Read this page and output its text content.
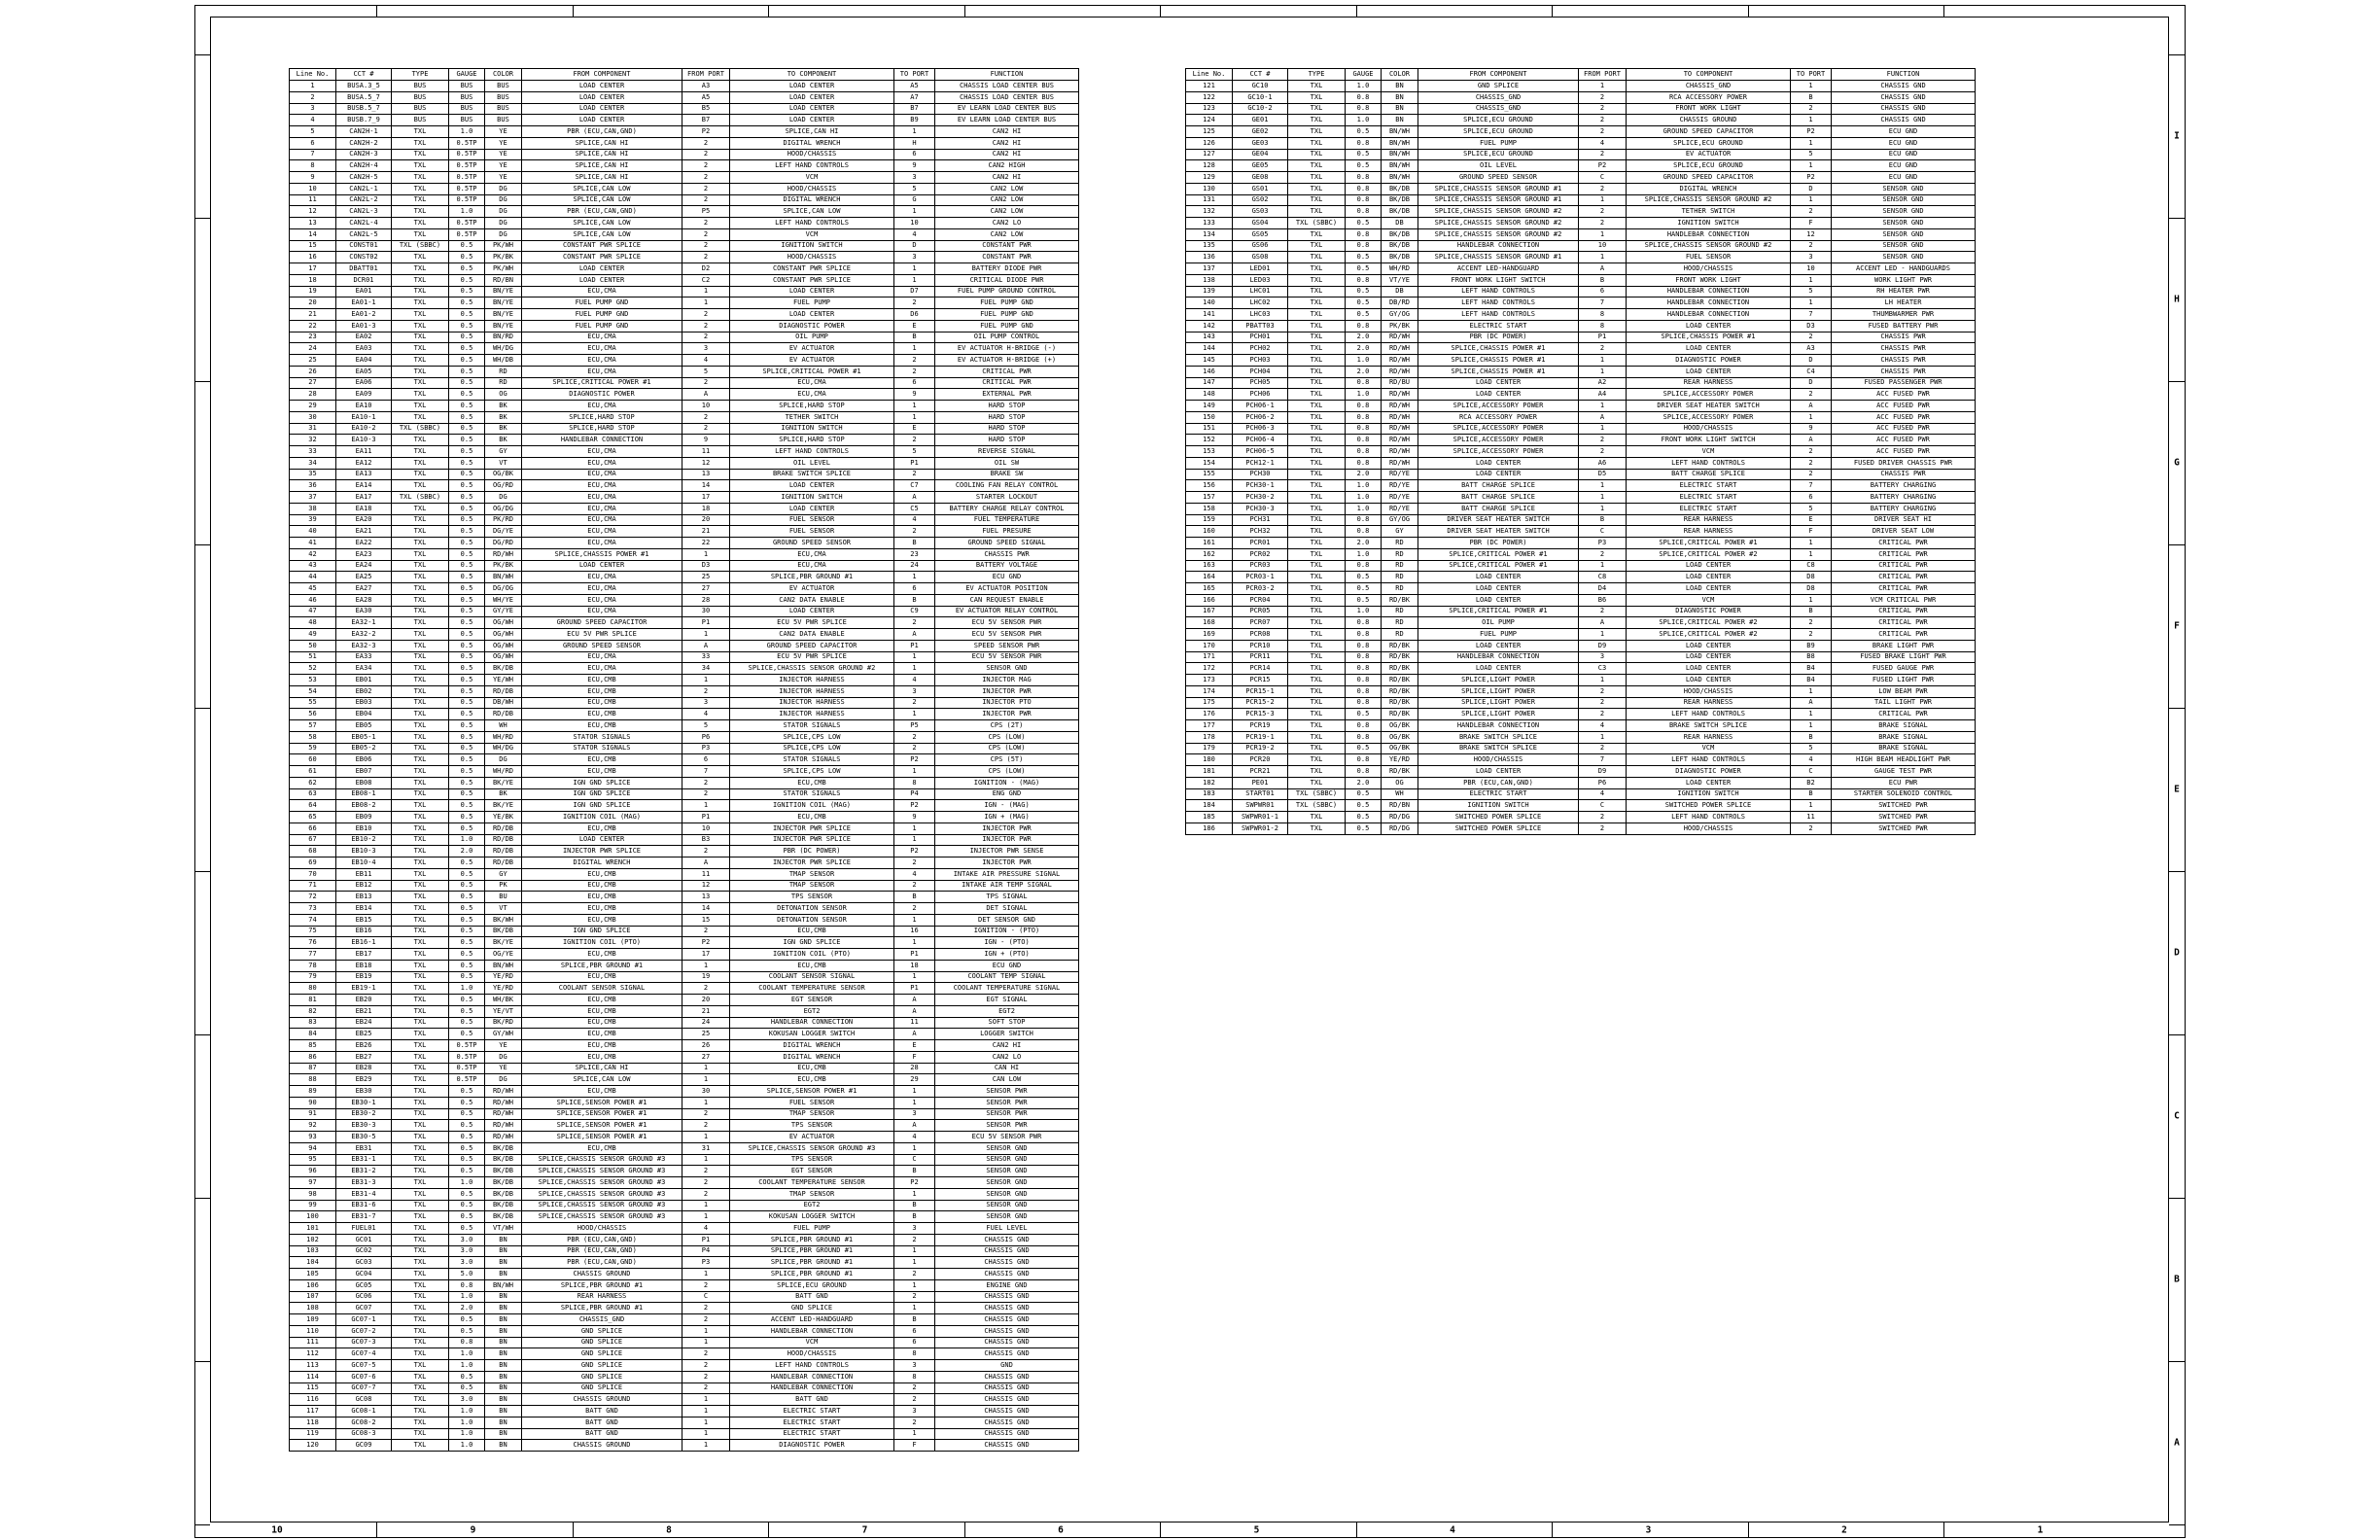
10	9	8	7	6	5	4	3	2	1
I
H
G
F
E
D
C
B
A
Line No.	CCT #	TYPE	GAUGE	COLOR	FROM COMPONENT	FROM PORT	TO COMPONENT	TO PORT	FUNCTION
1	BUSA.3_5	BUS	BUS	BUS	LOAD CENTER	A3	LOAD CENTER	A5	CHASSIS LOAD CENTER BUS
2	BUSA.5_7	BUS	BUS	BUS	LOAD CENTER	A5	LOAD CENTER	A7	CHASSIS LOAD CENTER BUS
3	BUSB.5_7	BUS	BUS	BUS	LOAD CENTER	B5	LOAD CENTER	B7	EV LEARN LOAD CENTER BUS
4	BUSB.7_9	BUS	BUS	BUS	LOAD CENTER	B7	LOAD CENTER	B9	EV LEARN LOAD CENTER BUS
5	CAN2H-1	TXL	1.0	YE	PBR (ECU,CAN,GND)	P2	SPLICE,CAN HI	1	CAN2 HI
6	CAN2H-2	TXL	0.5TP	YE	SPLICE,CAN HI	2	DIGITAL WRENCH	H	CAN2 HI
7	CAN2H-3	TXL	0.5TP	YE	SPLICE,CAN HI	2	HOOD/CHASSIS	6	CAN2 HI
8	CAN2H-4	TXL	0.5TP	YE	SPLICE,CAN HI	2	LEFT HAND CONTROLS	9	CAN2 HIGH
9	CAN2H-5	TXL	0.5TP	YE	SPLICE,CAN HI	2	VCM	3	CAN2 HI
10	CAN2L-1	TXL	0.5TP	DG	SPLICE,CAN LOW	2	HOOD/CHASSIS	5	CAN2 LOW
11	CAN2L-2	TXL	0.5TP	DG	SPLICE,CAN LOW	2	DIGITAL WRENCH	G	CAN2 LOW
12	CAN2L-3	TXL	1.0	DG	PBR (ECU,CAN,GND)	P5	SPLICE,CAN LOW	1	CAN2 LOW
13	CAN2L-4	TXL	0.5TP	DG	SPLICE,CAN LOW	2	LEFT HAND CONTROLS	10	CAN2 LO
14	CAN2L-5	TXL	0.5TP	DG	SPLICE,CAN LOW	2	VCM	4	CAN2 LOW
15	CONST01	TXL (SBBC)	0.5	PK/WH	CONSTANT PWR SPLICE	2	IGNITION SWITCH	D	CONSTANT PWR
16	CONST02	TXL	0.5	PK/BK	CONSTANT PWR SPLICE	2	HOOD/CHASSIS	3	CONSTANT PWR
17	DBATT01	TXL	0.5	PK/WH	LOAD CENTER	D2	CONSTANT PWR SPLICE	1	BATTERY DIODE PWR
18	DCR01	TXL	0.5	RD/BN	LOAD CENTER	C2	CONSTANT PWR SPLICE	1	CRITICAL DIODE PWR
19	EA01	TXL	0.5	BN/YE	ECU,CMA	1	LOAD CENTER	D7	FUEL PUMP GROUND CONTROL
20	EA01-1	TXL	0.5	BN/YE	FUEL PUMP GND	1	FUEL PUMP	2	FUEL PUMP GND
21	EA01-2	TXL	0.5	BN/YE	FUEL PUMP GND	2	LOAD CENTER	D6	FUEL PUMP GND
22	EA01-3	TXL	0.5	BN/YE	FUEL PUMP GND	2	DIAGNOSTIC POWER	E	FUEL PUMP GND
23	EA02	TXL	0.5	BN/RD	ECU,CMA	2	OIL PUMP	B	OIL PUMP CONTROL
24	EA03	TXL	0.5	WH/DG	ECU,CMA	3	EV ACTUATOR	1	EV ACTUATOR H-BRIDGE (-)
25	EA04	TXL	0.5	WH/DB	ECU,CMA	4	EV ACTUATOR	2	EV ACTUATOR H-BRIDGE (+)
26	EA05	TXL	0.5	RD	ECU,CMA	5	SPLICE,CRITICAL POWER #1	2	CRITICAL PWR
27	EA06	TXL	0.5	RD	SPLICE,CRITICAL POWER #1	2	ECU,CMA	6	CRITICAL PWR
28	EA09	TXL	0.5	OG	DIAGNOSTIC POWER	A	ECU,CMA	9	EXTERNAL PWR
29	EA10	TXL	0.5	BK	ECU,CMA	10	SPLICE,HARD STOP	1	HARD STOP
30	EA10-1	TXL	0.5	BK	SPLICE,HARD STOP	2	TETHER SWITCH	1	HARD STOP
31	EA10-2	TXL (SBBC)	0.5	BK	SPLICE,HARD STOP	2	IGNITION SWITCH	E	HARD STOP
32	EA10-3	TXL	0.5	BK	HANDLEBAR CONNECTION	9	SPLICE,HARD STOP	2	HARD STOP
33	EA11	TXL	0.5	GY	ECU,CMA	11	LEFT HAND CONTROLS	5	REVERSE SIGNAL
34	EA12	TXL	0.5	VT	ECU,CMA	12	OIL LEVEL	P1	OIL SW
35	EA13	TXL	0.5	OG/BK	ECU,CMA	13	BRAKE SWITCH SPLICE	2	BRAKE SW
36	EA14	TXL	0.5	OG/RD	ECU,CMA	14	LOAD CENTER	C7	COOLING FAN RELAY CONTROL
37	EA17	TXL (SBBC)	0.5	DG	ECU,CMA	17	IGNITION SWITCH	A	STARTER LOCKOUT
38	EA18	TXL	0.5	OG/DG	ECU,CMA	18	LOAD CENTER	C5	BATTERY CHARGE RELAY CONTROL
39	EA20	TXL	0.5	PK/RD	ECU,CMA	20	FUEL SENSOR	4	FUEL TEMPERATURE
40	EA21	TXL	0.5	DG/YE	ECU,CMA	21	FUEL SENSOR	2	FUEL PRESURE
41	EA22	TXL	0.5	DG/RD	ECU,CMA	22	GROUND SPEED SENSOR	B	GROUND SPEED SIGNAL
42	EA23	TXL	0.5	RD/WH	SPLICE,CHASSIS POWER #1	1	ECU,CMA	23	CHASSIS PWR
43	EA24	TXL	0.5	PK/BK	LOAD CENTER	D3	ECU,CMA	24	BATTERY VOLTAGE
44	EA25	TXL	0.5	BN/WH	ECU,CMA	25	SPLICE,PBR GROUND #1	1	ECU GND
45	EA27	TXL	0.5	DG/OG	ECU,CMA	27	EV ACTUATOR	6	EV ACTUATOR POSITION
46	EA28	TXL	0.5	WH/YE	ECU,CMA	28	CAN2 DATA ENABLE	B	CAN REQUEST ENABLE
47	EA30	TXL	0.5	GY/YE	ECU,CMA	30	LOAD CENTER	C9	EV ACTUATOR RELAY CONTROL
48	EA32-1	TXL	0.5	OG/WH	GROUND SPEED CAPACITOR	P1	ECU 5V PWR SPLICE	2	ECU 5V SENSOR PWR
49	EA32-2	TXL	0.5	OG/WH	ECU 5V PWR SPLICE	1	CAN2 DATA ENABLE	A	ECU 5V SENSOR PWR
50	EA32-3	TXL	0.5	OG/WH	GROUND SPEED SENSOR	A	GROUND SPEED CAPACITOR	P1	SPEED SENSOR PWR
51	EA33	TXL	0.5	OG/WH	ECU,CMA	33	ECU 5V PWR SPLICE	1	ECU 5V SENSOR PWR
52	EA34	TXL	0.5	BK/DB	ECU,CMA	34	SPLICE,CHASSIS SENSOR GROUND #2	1	SENSOR GND
53	EB01	TXL	0.5	YE/WH	ECU,CMB	1	INJECTOR HARNESS	4	INJECTOR MAG
54	EB02	TXL	0.5	RD/DB	ECU,CMB	2	INJECTOR HARNESS	3	INJECTOR PWR
55	EB03	TXL	0.5	DB/WH	ECU,CMB	3	INJECTOR HARNESS	2	INJECTOR PTO
56	EB04	TXL	0.5	RD/DB	ECU,CMB	4	INJECTOR HARNESS	1	INJECTOR PWR
57	EB05	TXL	0.5	WH	ECU,CMB	5	STATOR SIGNALS	P5	CPS (2T)
58	EB05-1	TXL	0.5	WH/RD	STATOR SIGNALS	P6	SPLICE,CPS LOW	2	CPS (LOW)
59	EB05-2	TXL	0.5	WH/DG	STATOR SIGNALS	P3	SPLICE,CPS LOW	2	CPS (LOW)
60	EB06	TXL	0.5	DG	ECU,CMB	6	STATOR SIGNALS	P2	CPS (5T)
61	EB07	TXL	0.5	WH/RD	ECU,CMB	7	SPLICE,CPS LOW	1	CPS (LOW)
62	EB08	TXL	0.5	BK/YE	IGN GND SPLICE	2	ECU,CMB	8	IGNITION - (MAG)
63	EB08-1	TXL	0.5	BK	IGN GND SPLICE	2	STATOR SIGNALS	P4	ENG GND
64	EB08-2	TXL	0.5	BK/YE	IGN GND SPLICE	1	IGNITION COIL (MAG)	P2	IGN - (MAG)
65	EB09	TXL	0.5	YE/BK	IGNITION COIL (MAG)	P1	ECU,CMB	9	IGN + (MAG)
66	EB10	TXL	0.5	RD/DB	ECU,CMB	10	INJECTOR PWR SPLICE	1	INJECTOR PWR
67	EB10-2	TXL	1.0	RD/DB	LOAD CENTER	B3	INJECTOR PWR SPLICE	1	INJECTOR PWR
68	EB10-3	TXL	2.0	RD/DB	INJECTOR PWR SPLICE	2	PBR (DC POWER)	P2	INJECTOR PWR SENSE
69	EB10-4	TXL	0.5	RD/DB	DIGITAL WRENCH	A	INJECTOR PWR SPLICE	2	INJECTOR PWR
70	EB11	TXL	0.5	GY	ECU,CMB	11	TMAP SENSOR	4	INTAKE AIR PRESSURE SIGNAL
71	EB12	TXL	0.5	PK	ECU,CMB	12	TMAP SENSOR	2	INTAKE AIR TEMP SIGNAL
72	EB13	TXL	0.5	BU	ECU,CMB	13	TPS SENSOR	B	TPS SIGNAL
73	EB14	TXL	0.5	VT	ECU,CMB	14	DETONATION SENSOR	2	DET SIGNAL
74	EB15	TXL	0.5	BK/WH	ECU,CMB	15	DETONATION SENSOR	1	DET SENSOR GND
75	EB16	TXL	0.5	BK/DB	IGN GND SPLICE	2	ECU,CMB	16	IGNITION - (PTO)
76	EB16-1	TXL	0.5	BK/YE	IGNITION COIL (PTO)	P2	IGN GND SPLICE	1	IGN - (PTO)
77	EB17	TXL	0.5	OG/YE	ECU,CMB	17	IGNITION COIL (PTO)	P1	IGN + (PTO)
78	EB18	TXL	0.5	BN/WH	SPLICE,PBR GROUND #1	1	ECU,CMB	18	ECU GND
79	EB19	TXL	0.5	YE/RD	ECU,CMB	19	COOLANT SENSOR SIGNAL	1	COOLANT TEMP SIGNAL
80	EB19-1	TXL	1.0	YE/RD	COOLANT SENSOR SIGNAL	2	COOLANT TEMPERATURE SENSOR	P1	COOLANT TEMPERATURE SIGNAL
81	EB20	TXL	0.5	WH/BK	ECU,CMB	20	EGT SENSOR	A	EGT SIGNAL
82	EB21	TXL	0.5	YE/VT	ECU,CMB	21	EGT2	A	EGT2
83	EB24	TXL	0.5	BK/RD	ECU,CMB	24	HANDLEBAR CONNECTION	11	SOFT STOP
84	EB25	TXL	0.5	GY/WH	ECU,CMB	25	KOKUSAN LOGGER SWITCH	A	LOGGER SWITCH
85	EB26	TXL	0.5TP	YE	ECU,CMB	26	DIGITAL WRENCH	E	CAN2 HI
86	EB27	TXL	0.5TP	DG	ECU,CMB	27	DIGITAL WRENCH	F	CAN2 LO
87	EB28	TXL	0.5TP	YE	SPLICE,CAN HI	1	ECU,CMB	28	CAN HI
88	EB29	TXL	0.5TP	DG	SPLICE,CAN LOW	1	ECU,CMB	29	CAN LOW
89	EB30	TXL	0.5	RD/WH	ECU,CMB	30	SPLICE,SENSOR POWER #1	1	SENSOR PWR
90	EB30-1	TXL	0.5	RD/WH	SPLICE,SENSOR POWER #1	1	FUEL SENSOR	1	SENSOR PWR
91	EB30-2	TXL	0.5	RD/WH	SPLICE,SENSOR POWER #1	2	TMAP SENSOR	3	SENSOR PWR
92	EB30-3	TXL	0.5	RD/WH	SPLICE,SENSOR POWER #1	2	TPS SENSOR	A	SENSOR PWR
93	EB30-5	TXL	0.5	RD/WH	SPLICE,SENSOR POWER #1	1	EV ACTUATOR	4	ECU 5V SENSOR PWR
94	EB31	TXL	0.5	BK/DB	ECU,CMB	31	SPLICE,CHASSIS SENSOR GROUND #3	1	SENSOR GND
95	EB31-1	TXL	0.5	BK/DB	SPLICE,CHASSIS SENSOR GROUND #3	1	TPS SENSOR	C	SENSOR GND
96	EB31-2	TXL	0.5	BK/DB	SPLICE,CHASSIS SENSOR GROUND #3	2	EGT SENSOR	B	SENSOR GND
97	EB31-3	TXL	1.0	BK/DB	SPLICE,CHASSIS SENSOR GROUND #3	2	COOLANT TEMPERATURE SENSOR	P2	SENSOR GND
98	EB31-4	TXL	0.5	BK/DB	SPLICE,CHASSIS SENSOR GROUND #3	2	TMAP SENSOR	1	SENSOR GND
99	EB31-6	TXL	0.5	BK/DB	SPLICE,CHASSIS SENSOR GROUND #3	1	EGT2	B	SENSOR GND
100	EB31-7	TXL	0.5	BK/DB	SPLICE,CHASSIS SENSOR GROUND #3	1	KOKUSAN LOGGER SWITCH	B	SENSOR GND
101	FUEL01	TXL	0.5	VT/WH	HOOD/CHASSIS	4	FUEL PUMP	3	FUEL LEVEL
102	GC01	TXL	3.0	BN	PBR (ECU,CAN,GND)	P1	SPLICE,PBR GROUND #1	2	CHASSIS GND
103	GC02	TXL	3.0	BN	PBR (ECU,CAN,GND)	P4	SPLICE,PBR GROUND #1	1	CHASSIS GND
104	GC03	TXL	3.0	BN	PBR (ECU,CAN,GND)	P3	SPLICE,PBR GROUND #1	1	CHASSIS GND
105	GC04	TXL	5.0	BN	CHASSIS GROUND	1	SPLICE,PBR GROUND #1	2	CHASSIS GND
106	GC05	TXL	0.8	BN/WH	SPLICE,PBR GROUND #1	2	SPLICE,ECU GROUND	1	ENGINE GND
107	GC06	TXL	1.0	BN	REAR HARNESS	C	BATT GND	2	CHASSIS GND
108	GC07	TXL	2.0	BN	SPLICE,PBR GROUND #1	2	GND SPLICE	1	CHASSIS GND
109	GC07-1	TXL	0.5	BN	CHASSIS_GND	2	ACCENT LED-HANDGUARD	B	CHASSIS GND
110	GC07-2	TXL	0.5	BN	GND SPLICE	1	HANDLEBAR CONNECTION	6	CHASSIS GND
111	GC07-3	TXL	0.8	BN	GND SPLICE	1	VCM	6	CHASSIS GND
112	GC07-4	TXL	1.0	BN	GND SPLICE	2	HOOD/CHASSIS	8	CHASSIS GND
113	GC07-5	TXL	1.0	BN	GND SPLICE	2	LEFT HAND CONTROLS	3	GND
114	GC07-6	TXL	0.5	BN	GND SPLICE	2	HANDLEBAR CONNECTION	8	CHASSIS GND
115	GC07-7	TXL	0.5	BN	GND SPLICE	2	HANDLEBAR CONNECTION	2	CHASSIS GND
116	GC08	TXL	3.0	BN	CHASSIS GROUND	1	BATT GND	2	CHASSIS GND
117	GC08-1	TXL	1.0	BN	BATT GND	1	ELECTRIC START	3	CHASSIS GND
118	GC08-2	TXL	1.0	BN	BATT GND	1	ELECTRIC START	2	CHASSIS GND
119	GC08-3	TXL	1.0	BN	BATT GND	1	ELECTRIC START	1	CHASSIS GND
120	GC09	TXL	1.0	BN	CHASSIS GROUND	1	DIAGNOSTIC POWER	F	CHASSIS GND
Line No.	CCT #	TYPE	GAUGE	COLOR	FROM COMPONENT	FROM PORT	TO COMPONENT	TO PORT	FUNCTION
121	GC10	TXL	1.0	BN	GND SPLICE	1	CHASSIS_GND	1	CHASSIS GND
122	GC10-1	TXL	0.8	BN	CHASSIS_GND	2	RCA ACCESSORY POWER	B	CHASSIS GND
123	GC10-2	TXL	0.8	BN	CHASSIS_GND	2	FRONT WORK LIGHT	2	CHASSIS GND
124	GE01	TXL	1.0	BN	SPLICE,ECU GROUND	2	CHASSIS GROUND	1	CHASSIS GND
125	GE02	TXL	0.5	BN/WH	SPLICE,ECU GROUND	2	GROUND SPEED CAPACITOR	P2	ECU GND
126	GE03	TXL	0.8	BN/WH	FUEL PUMP	4	SPLICE,ECU GROUND	1	ECU GND
127	GE04	TXL	0.5	BN/WH	SPLICE,ECU GROUND	2	EV ACTUATOR	5	ECU GND
128	GE05	TXL	0.5	BN/WH	OIL LEVEL	P2	SPLICE,ECU GROUND	1	ECU GND
129	GE08	TXL	0.8	BN/WH	GROUND SPEED SENSOR	C	GROUND SPEED CAPACITOR	P2	ECU GND
130	GS01	TXL	0.8	BK/DB	SPLICE,CHASSIS SENSOR GROUND #1	2	DIGITAL WRENCH	D	SENSOR GND
131	GS02	TXL	0.8	BK/DB	SPLICE,CHASSIS SENSOR GROUND #1	1	SPLICE,CHASSIS SENSOR GROUND #2	1	SENSOR GND
132	GS03	TXL	0.8	BK/DB	SPLICE,CHASSIS SENSOR GROUND #2	2	TETHER SWITCH	2	SENSOR GND
133	GS04	TXL (SBBC)	0.5	DB	SPLICE,CHASSIS SENSOR GROUND #2	2	IGNITION SWITCH	F	SENSOR GND
134	GS05	TXL	0.8	BK/DB	SPLICE,CHASSIS SENSOR GROUND #2	1	HANDLEBAR CONNECTION	12	SENSOR GND
135	GS06	TXL	0.8	BK/DB	HANDLEBAR CONNECTION	10	SPLICE,CHASSIS SENSOR GROUND #2	2	SENSOR GND
136	GS08	TXL	0.5	BK/DB	SPLICE,CHASSIS SENSOR GROUND #1	1	FUEL SENSOR	3	SENSOR GND
137	LED01	TXL	0.5	WH/RD	ACCENT LED-HANDGUARD	A	HOOD/CHASSIS	10	ACCENT LED - HANDGUARDS
138	LED03	TXL	0.8	VT/YE	FRONT WORK LIGHT SWITCH	B	FRONT WORK LIGHT	1	WORK LIGHT PWR
139	LHC01	TXL	0.5	DB	LEFT HAND CONTROLS	6	HANDLEBAR CONNECTION	5	RH HEATER PWR
140	LHC02	TXL	0.5	DB/RD	LEFT HAND CONTROLS	7	HANDLEBAR CONNECTION	1	LH HEATER
141	LHC03	TXL	0.5	GY/OG	LEFT HAND CONTROLS	8	HANDLEBAR CONNECTION	7	THUMBWARMER PWR
142	PBATT03	TXL	0.8	PK/BK	ELECTRIC START	8	LOAD CENTER	D3	FUSED BATTERY PWR
143	PCH01	TXL	2.0	RD/WH	PBR (DC POWER)	P1	SPLICE,CHASSIS POWER #1	2	CHASSIS PWR
144	PCH02	TXL	2.0	RD/WH	SPLICE,CHASSIS POWER #1	2	LOAD CENTER	A3	CHASSIS PWR
145	PCH03	TXL	1.0	RD/WH	SPLICE,CHASSIS POWER #1	1	DIAGNOSTIC POWER	D	CHASSIS PWR
146	PCH04	TXL	2.0	RD/WH	SPLICE,CHASSIS POWER #1	1	LOAD CENTER	C4	CHASSIS PWR
147	PCH05	TXL	0.8	RD/BU	LOAD CENTER	A2	REAR HARNESS	D	FUSED PASSENGER PWR
148	PCH06	TXL	1.0	RD/WH	LOAD CENTER	A4	SPLICE,ACCESSORY POWER	2	ACC FUSED PWR
149	PCH06-1	TXL	0.8	RD/WH	SPLICE,ACCESSORY POWER	1	DRIVER SEAT HEATER SWITCH	A	ACC FUSED PWR
150	PCH06-2	TXL	0.8	RD/WH	RCA ACCESSORY POWER	A	SPLICE,ACCESSORY POWER	1	ACC FUSED PWR
151	PCH06-3	TXL	0.8	RD/WH	SPLICE,ACCESSORY POWER	1	HOOD/CHASSIS	9	ACC FUSED PWR
152	PCH06-4	TXL	0.8	RD/WH	SPLICE,ACCESSORY POWER	2	FRONT WORK LIGHT SWITCH	A	ACC FUSED PWR
153	PCH06-5	TXL	0.8	RD/WH	SPLICE,ACCESSORY POWER	2	VCM	2	ACC FUSED PWR
154	PCH12-1	TXL	0.8	RD/WH	LOAD CENTER	A6	LEFT HAND CONTROLS	2	FUSED DRIVER CHASSIS PWR
155	PCH30	TXL	2.0	RD/YE	LOAD CENTER	D5	BATT CHARGE SPLICE	2	CHASSIS PWR
156	PCH30-1	TXL	1.0	RD/YE	BATT CHARGE SPLICE	1	ELECTRIC START	7	BATTERY CHARGING
157	PCH30-2	TXL	1.0	RD/YE	BATT CHARGE SPLICE	1	ELECTRIC START	6	BATTERY CHARGING
158	PCH30-3	TXL	1.0	RD/YE	BATT CHARGE SPLICE	1	ELECTRIC START	5	BATTERY CHARGING
159	PCH31	TXL	0.8	GY/OG	DRIVER SEAT HEATER SWITCH	B	REAR HARNESS	E	DRIVER SEAT HI
160	PCH32	TXL	0.8	GY	DRIVER SEAT HEATER SWITCH	C	REAR HARNESS	F	DRIVER SEAT LOW
161	PCR01	TXL	2.0	RD	PBR (DC POWER)	P3	SPLICE,CRITICAL POWER #1	1	CRITICAL PWR
162	PCR02	TXL	1.0	RD	SPLICE,CRITICAL POWER #1	2	SPLICE,CRITICAL POWER #2	1	CRITICAL PWR
163	PCR03	TXL	0.8	RD	SPLICE,CRITICAL POWER #1	1	LOAD CENTER	C8	CRITICAL PWR
164	PCR03-1	TXL	0.5	RD	LOAD CENTER	C8	LOAD CENTER	D8	CRITICAL PWR
165	PCR03-2	TXL	0.5	RD	LOAD CENTER	D4	LOAD CENTER	D8	CRITICAL PWR
166	PCR04	TXL	0.5	RD/BK	LOAD CENTER	B6	VCM	1	VCM CRITICAL PWR
167	PCR05	TXL	1.0	RD	SPLICE,CRITICAL POWER #1	2	DIAGNOSTIC POWER	B	CRITICAL PWR
168	PCR07	TXL	0.8	RD	OIL PUMP	A	SPLICE,CRITICAL POWER #2	2	CRITICAL PWR
169	PCR08	TXL	0.8	RD	FUEL PUMP	1	SPLICE,CRITICAL POWER #2	2	CRITICAL PWR
170	PCR10	TXL	0.8	RD/BK	LOAD CENTER	D9	LOAD CENTER	B9	BRAKE LIGHT PWR
171	PCR11	TXL	0.8	RD/BK	HANDLEBAR CONNECTION	3	LOAD CENTER	B8	FUSED BRAKE LIGHT PWR
172	PCR14	TXL	0.8	RD/BK	LOAD CENTER	C3	LOAD CENTER	B4	FUSED GAUGE PWR
173	PCR15	TXL	0.8	RD/BK	SPLICE,LIGHT POWER	1	LOAD CENTER	B4	FUSED LIGHT PWR
174	PCR15-1	TXL	0.8	RD/BK	SPLICE,LIGHT POWER	2	HOOD/CHASSIS	1	LOW BEAM PWR
175	PCR15-2	TXL	0.8	RD/BK	SPLICE,LIGHT POWER	2	REAR HARNESS	A	TAIL LIGHT PWR
176	PCR15-3	TXL	0.5	RD/BK	SPLICE,LIGHT POWER	2	LEFT HAND CONTROLS	1	CRITICAL PWR
177	PCR19	TXL	0.8	OG/BK	HANDLEBAR CONNECTION	4	BRAKE SWITCH SPLICE	1	BRAKE SIGNAL
178	PCR19-1	TXL	0.8	OG/BK	BRAKE SWITCH SPLICE	1	REAR HARNESS	B	BRAKE SIGNAL
179	PCR19-2	TXL	0.5	OG/BK	BRAKE SWITCH SPLICE	2	VCM	5	BRAKE SIGNAL
180	PCR20	TXL	0.8	YE/RD	HOOD/CHASSIS	7	LEFT HAND CONTROLS	4	HIGH BEAM HEADLIGHT PWR
181	PCR21	TXL	0.8	RD/BK	LOAD CENTER	D9	DIAGNOSTIC POWER	C	GAUGE TEST PWR
182	PE01	TXL	2.0	OG	PBR (ECU,CAN,GND)	P6	LOAD CENTER	B2	ECU PWR
183	START01	TXL (SBBC)	0.5	WH	ELECTRIC START	4	IGNITION SWITCH	B	STARTER SOLENOID CONTROL
184	SWPWR01	TXL (SBBC)	0.5	RD/BN	IGNITION SWITCH	C	SWITCHED POWER SPLICE	1	SWITCHED PWR
185	SWPWR01-1	TXL	0.5	RD/DG	SWITCHED POWER SPLICE	2	LEFT HAND CONTROLS	11	SWITCHED PWR
186	SWPWR01-2	TXL	0.5	RD/DG	SWITCHED POWER SPLICE	2	HOOD/CHASSIS	2	SWITCHED PWR
